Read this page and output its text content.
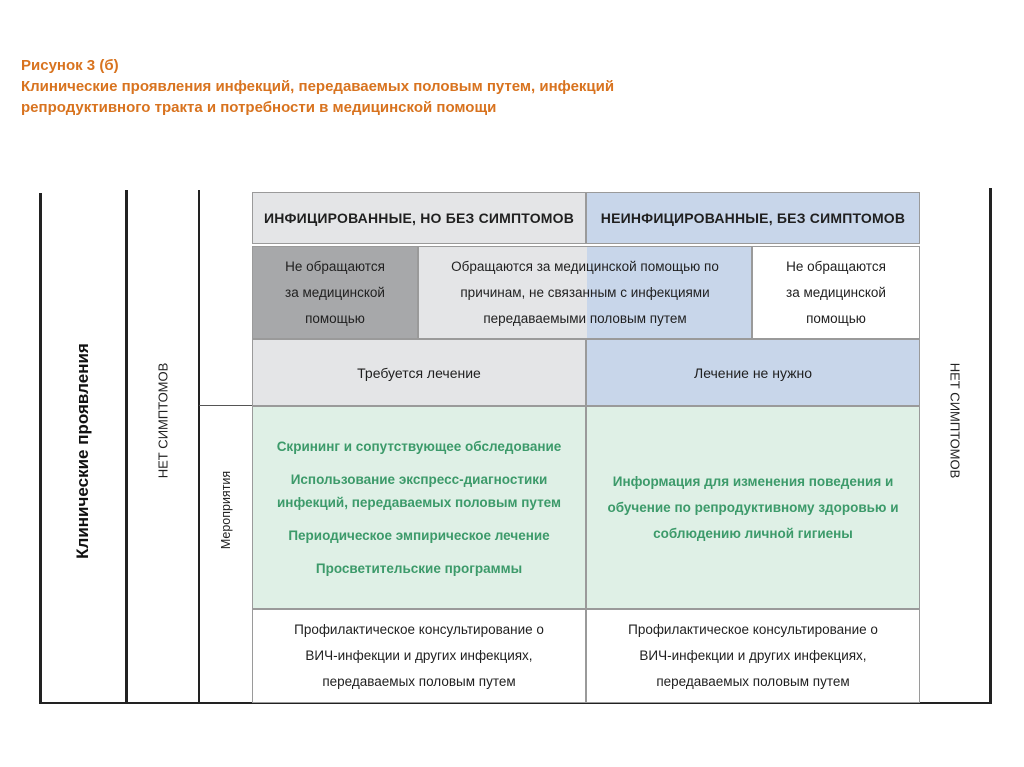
Рисунок 3 (б)
Клинические проявления инфекций, передаваемых половым путем, инфекций
репродуктивного тракта и потребности в медицинской помощи
Клинические проявления	НЕТ СИМПТОМОВ
Мероприятия
НЕТ СИМПТОМОВ
ИНФИЦИРОВАННЫЕ, НО БЕЗ СИМПТОМОВ НЕИНФИЦИРОВАННЫЕ, БЕЗ СИМПТОМОВ
Не обращаются
за медицинской
помощью
Обращаются за медицинской помощью по
причинам, не связанным с инфекциями
передаваемыми половым путем
Не обращаются
за медицинской
помощью
Требуется лечение	Лечение не нужно
Скрининг и сопутствующее обследование
Использование экспресс-диагностики инфекций, передаваемых половым путем
Периодическое эмпирическое лечение
Просветительские программы
Информация для изменения поведения и обучение по репродуктивному здоровью и соблюдению личной гигиены
Профилактическое консультирование о
ВИЧ-инфекции и других инфекциях,
передаваемых половым путем
Профилактическое консультирование о
ВИЧ-инфекции и других инфекциях,
передаваемых половым путем
